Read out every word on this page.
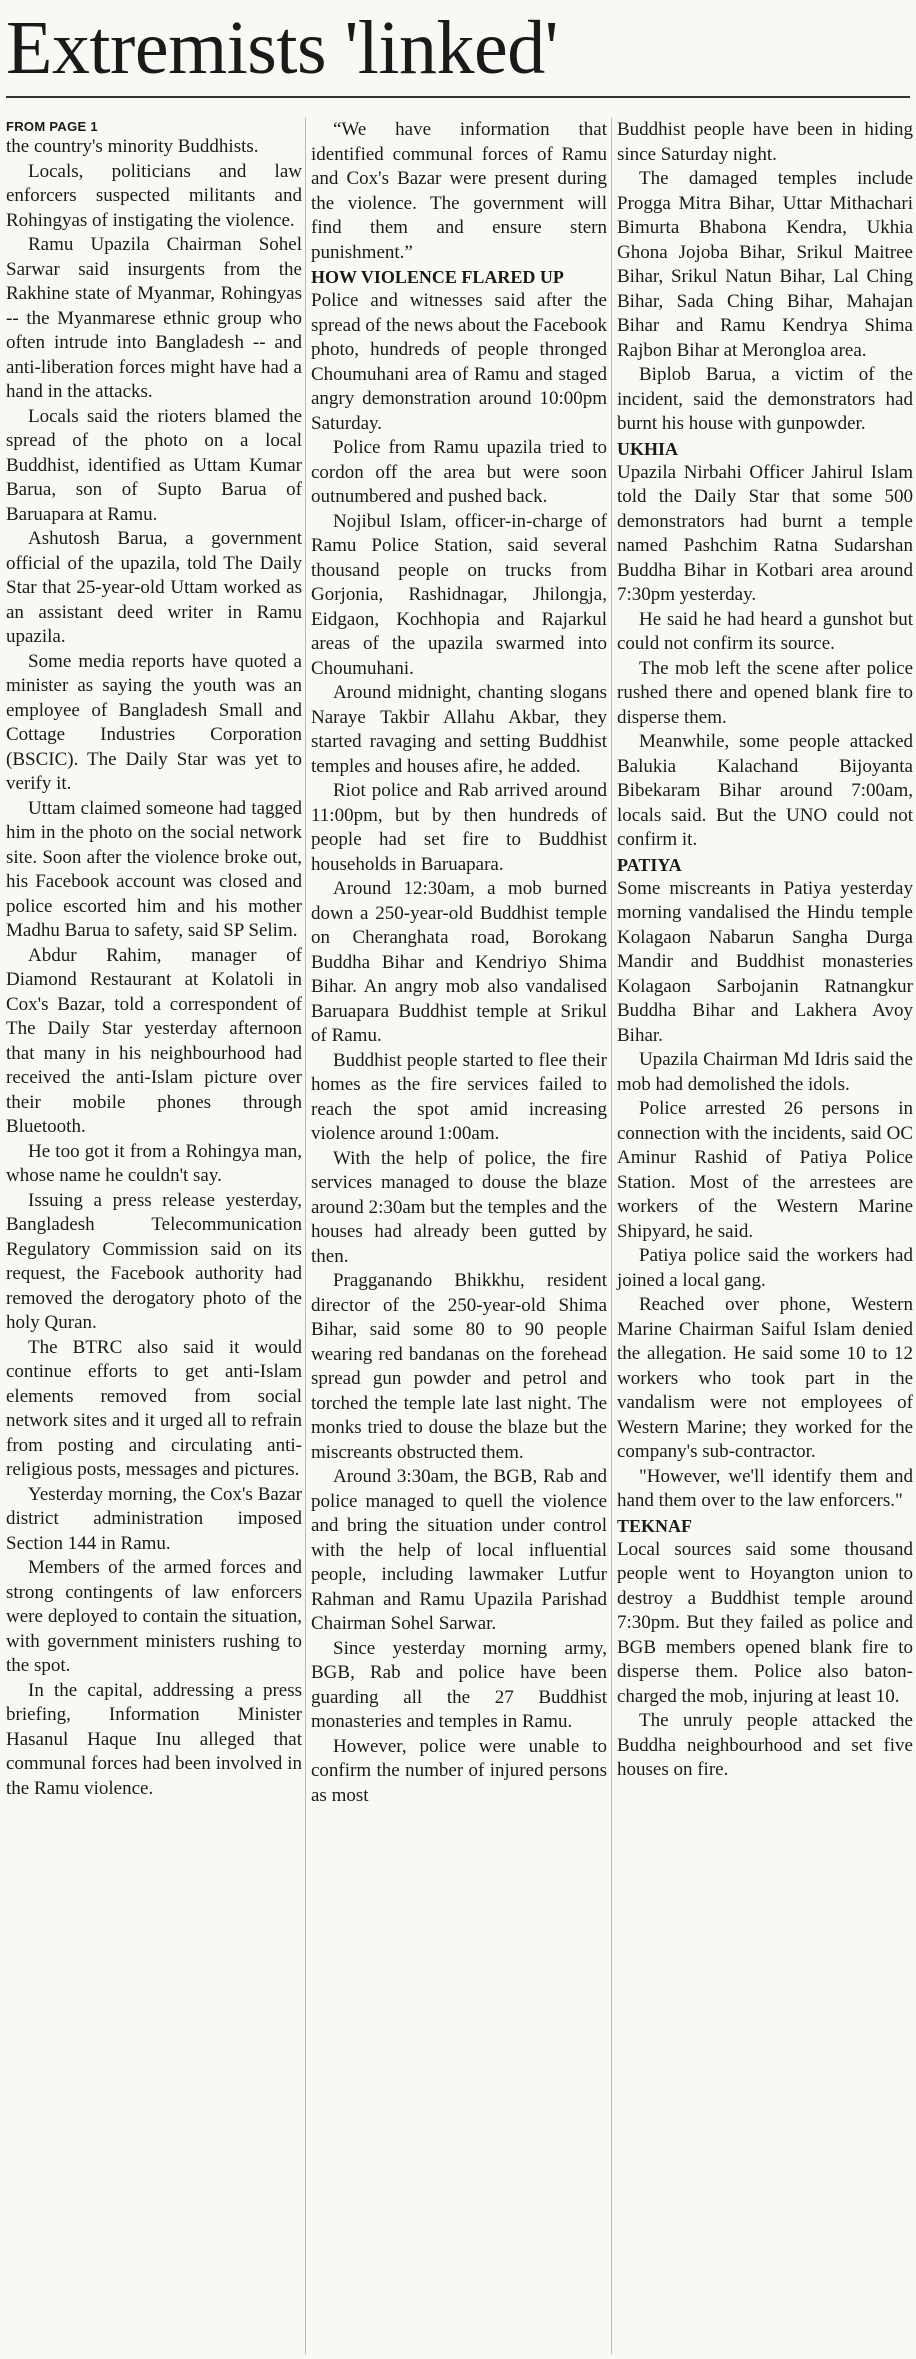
Extremists 'linked'
FROM PAGE 1

the country's minority Buddhists.

Locals, politicians and law enforcers suspected militants and Rohingyas of instigating the violence.

Ramu Upazila Chairman Sohel Sarwar said insurgents from the Rakhine state of Myanmar, Rohingyas -- the Myanmarese ethnic group who often intrude into Bangladesh -- and anti-liberation forces might have had a hand in the attacks.

Locals said the rioters blamed the spread of the photo on a local Buddhist, identified as Uttam Kumar Barua, son of Supto Barua of Baruapara at Ramu.

Ashutosh Barua, a government official of the upazila, told The Daily Star that 25-year-old Uttam worked as an assistant deed writer in Ramu upazila.

Some media reports have quoted a minister as saying the youth was an employee of Bangladesh Small and Cottage Industries Corporation (BSCIC). The Daily Star was yet to verify it.

Uttam claimed someone had tagged him in the photo on the social network site. Soon after the violence broke out, his Facebook account was closed and police escorted him and his mother Madhu Barua to safety, said SP Selim.

Abdur Rahim, manager of Diamond Restaurant at Kolatoli in Cox's Bazar, told a correspondent of The Daily Star yesterday afternoon that many in his neighbourhood had received the anti-Islam picture over their mobile phones through Bluetooth.

He too got it from a Rohingya man, whose name he couldn't say.

Issuing a press release yesterday, Bangladesh Telecommunication Regulatory Commission said on its request, the Facebook authority had removed the derogatory photo of the holy Quran.

The BTRC also said it would continue efforts to get anti-Islam elements removed from social network sites and it urged all to refrain from posting and circulating anti-religious posts, messages and pictures.

Yesterday morning, the Cox's Bazar district administration imposed Section 144 in Ramu.

Members of the armed forces and strong contingents of law enforcers were deployed to contain the situation, with government ministers rushing to the spot.

In the capital, addressing a press briefing, Information Minister Hasanul Haque Inu alleged that communal forces had been involved in the Ramu violence.

“We have information that identified communal forces of Ramu and Cox's Bazar were present during the violence. The government will find them and ensure stern punishment.”

HOW VIOLENCE FLARED UP

Police and witnesses said after the spread of the news about the Facebook photo, hundreds of people thronged Choumuhani area of Ramu and staged angry demonstration around 10:00pm Saturday.

Police from Ramu upazila tried to cordon off the area but were soon outnumbered and pushed back.

Nojibul Islam, officer-in-charge of Ramu Police Station, said several thousand people on trucks from Gorjonia, Rashidnagar, Jhilongja, Eidgaon, Kochhopia and Rajarkul areas of the upazila swarmed into Choumuhani.

Around midnight, chanting slogans Naraye Takbir Allahu Akbar, they started ravaging and setting Buddhist temples and houses afire, he added.

Riot police and Rab arrived around 11:00pm, but by then hundreds of people had set fire to Buddhist households in Baruapara.

Around 12:30am, a mob burned down a 250-year-old Buddhist temple on Cheranghata road, Borokang Buddha Bihar and Kendriyo Shima Bihar. An angry mob also vandalised Baruapara Buddhist temple at Srikul of Ramu.

Buddhist people started to flee their homes as the fire services failed to reach the spot amid increasing violence around 1:00am.

With the help of police, the fire services managed to douse the blaze around 2:30am but the temples and the houses had already been gutted by then.

Pragganando Bhikkhu, resident director of the 250-year-old Shima Bihar, said some 80 to 90 people wearing red bandanas on the forehead spread gun powder and petrol and torched the temple late last night. The monks tried to douse the blaze but the miscreants obstructed them.

Around 3:30am, the BGB, Rab and police managed to quell the violence and bring the situation under control with the help of local influential people, including lawmaker Lutfur Rahman and Ramu Upazila Parishad Chairman Sohel Sarwar.

Since yesterday morning army, BGB, Rab and police have been guarding all the 27 Buddhist monasteries and temples in Ramu.

However, police were unable to confirm the number of injured persons as most

Buddhist people have been in hiding since Saturday night.

The damaged temples include Progga Mitra Bihar, Uttar Mithachari Bimurta Bhabona Kendra, Ukhia Ghona Jojoba Bihar, Srikul Maitree Bihar, Srikul Natun Bihar, Lal Ching Bihar, Sada Ching Bihar, Mahajan Bihar and Ramu Kendrya Shima Rajbon Bihar at Merongloa area.

Biplob Barua, a victim of the incident, said the demonstrators had burnt his house with gunpowder.

UKHIA

Upazila Nirbahi Officer Jahirul Islam told the Daily Star that some 500 demonstrators had burnt a temple named Pashchim Ratna Sudarshan Buddha Bihar in Kotbari area around 7:30pm yesterday.

He said he had heard a gunshot but could not confirm its source.

The mob left the scene after police rushed there and opened blank fire to disperse them.

Meanwhile, some people attacked Balukia Kalachand Bijoyanta Bibekaram Bihar around 7:00am, locals said. But the UNO could not confirm it.

PATIYA

Some miscreants in Patiya yesterday morning vandalised the Hindu temple Kolagaon Nabarun Sangha Durga Mandir and Buddhist monasteries Kolagaon Sarbojanin Ratnangkur Buddha Bihar and Lakhera Avoy Bihar.

Upazila Chairman Md Idris said the mob had demolished the idols.

Police arrested 26 persons in connection with the incidents, said OC Aminur Rashid of Patiya Police Station. Most of the arrestees are workers of the Western Marine Shipyard, he said.

Patiya police said the workers had joined a local gang.

Reached over phone, Western Marine Chairman Saiful Islam denied the allegation. He said some 10 to 12 workers who took part in the vandalism were not employees of Western Marine; they worked for the company's sub-contractor.

"However, we'll identify them and hand them over to the law enforcers."

TEKNAF

Local sources said some thousand people went to Hoyangton union to destroy a Buddhist temple around 7:30pm. But they failed as police and BGB members opened blank fire to disperse them. Police also baton-charged the mob, injuring at least 10.

The unruly people attacked the Buddha neighbourhood and set five houses on fire.
